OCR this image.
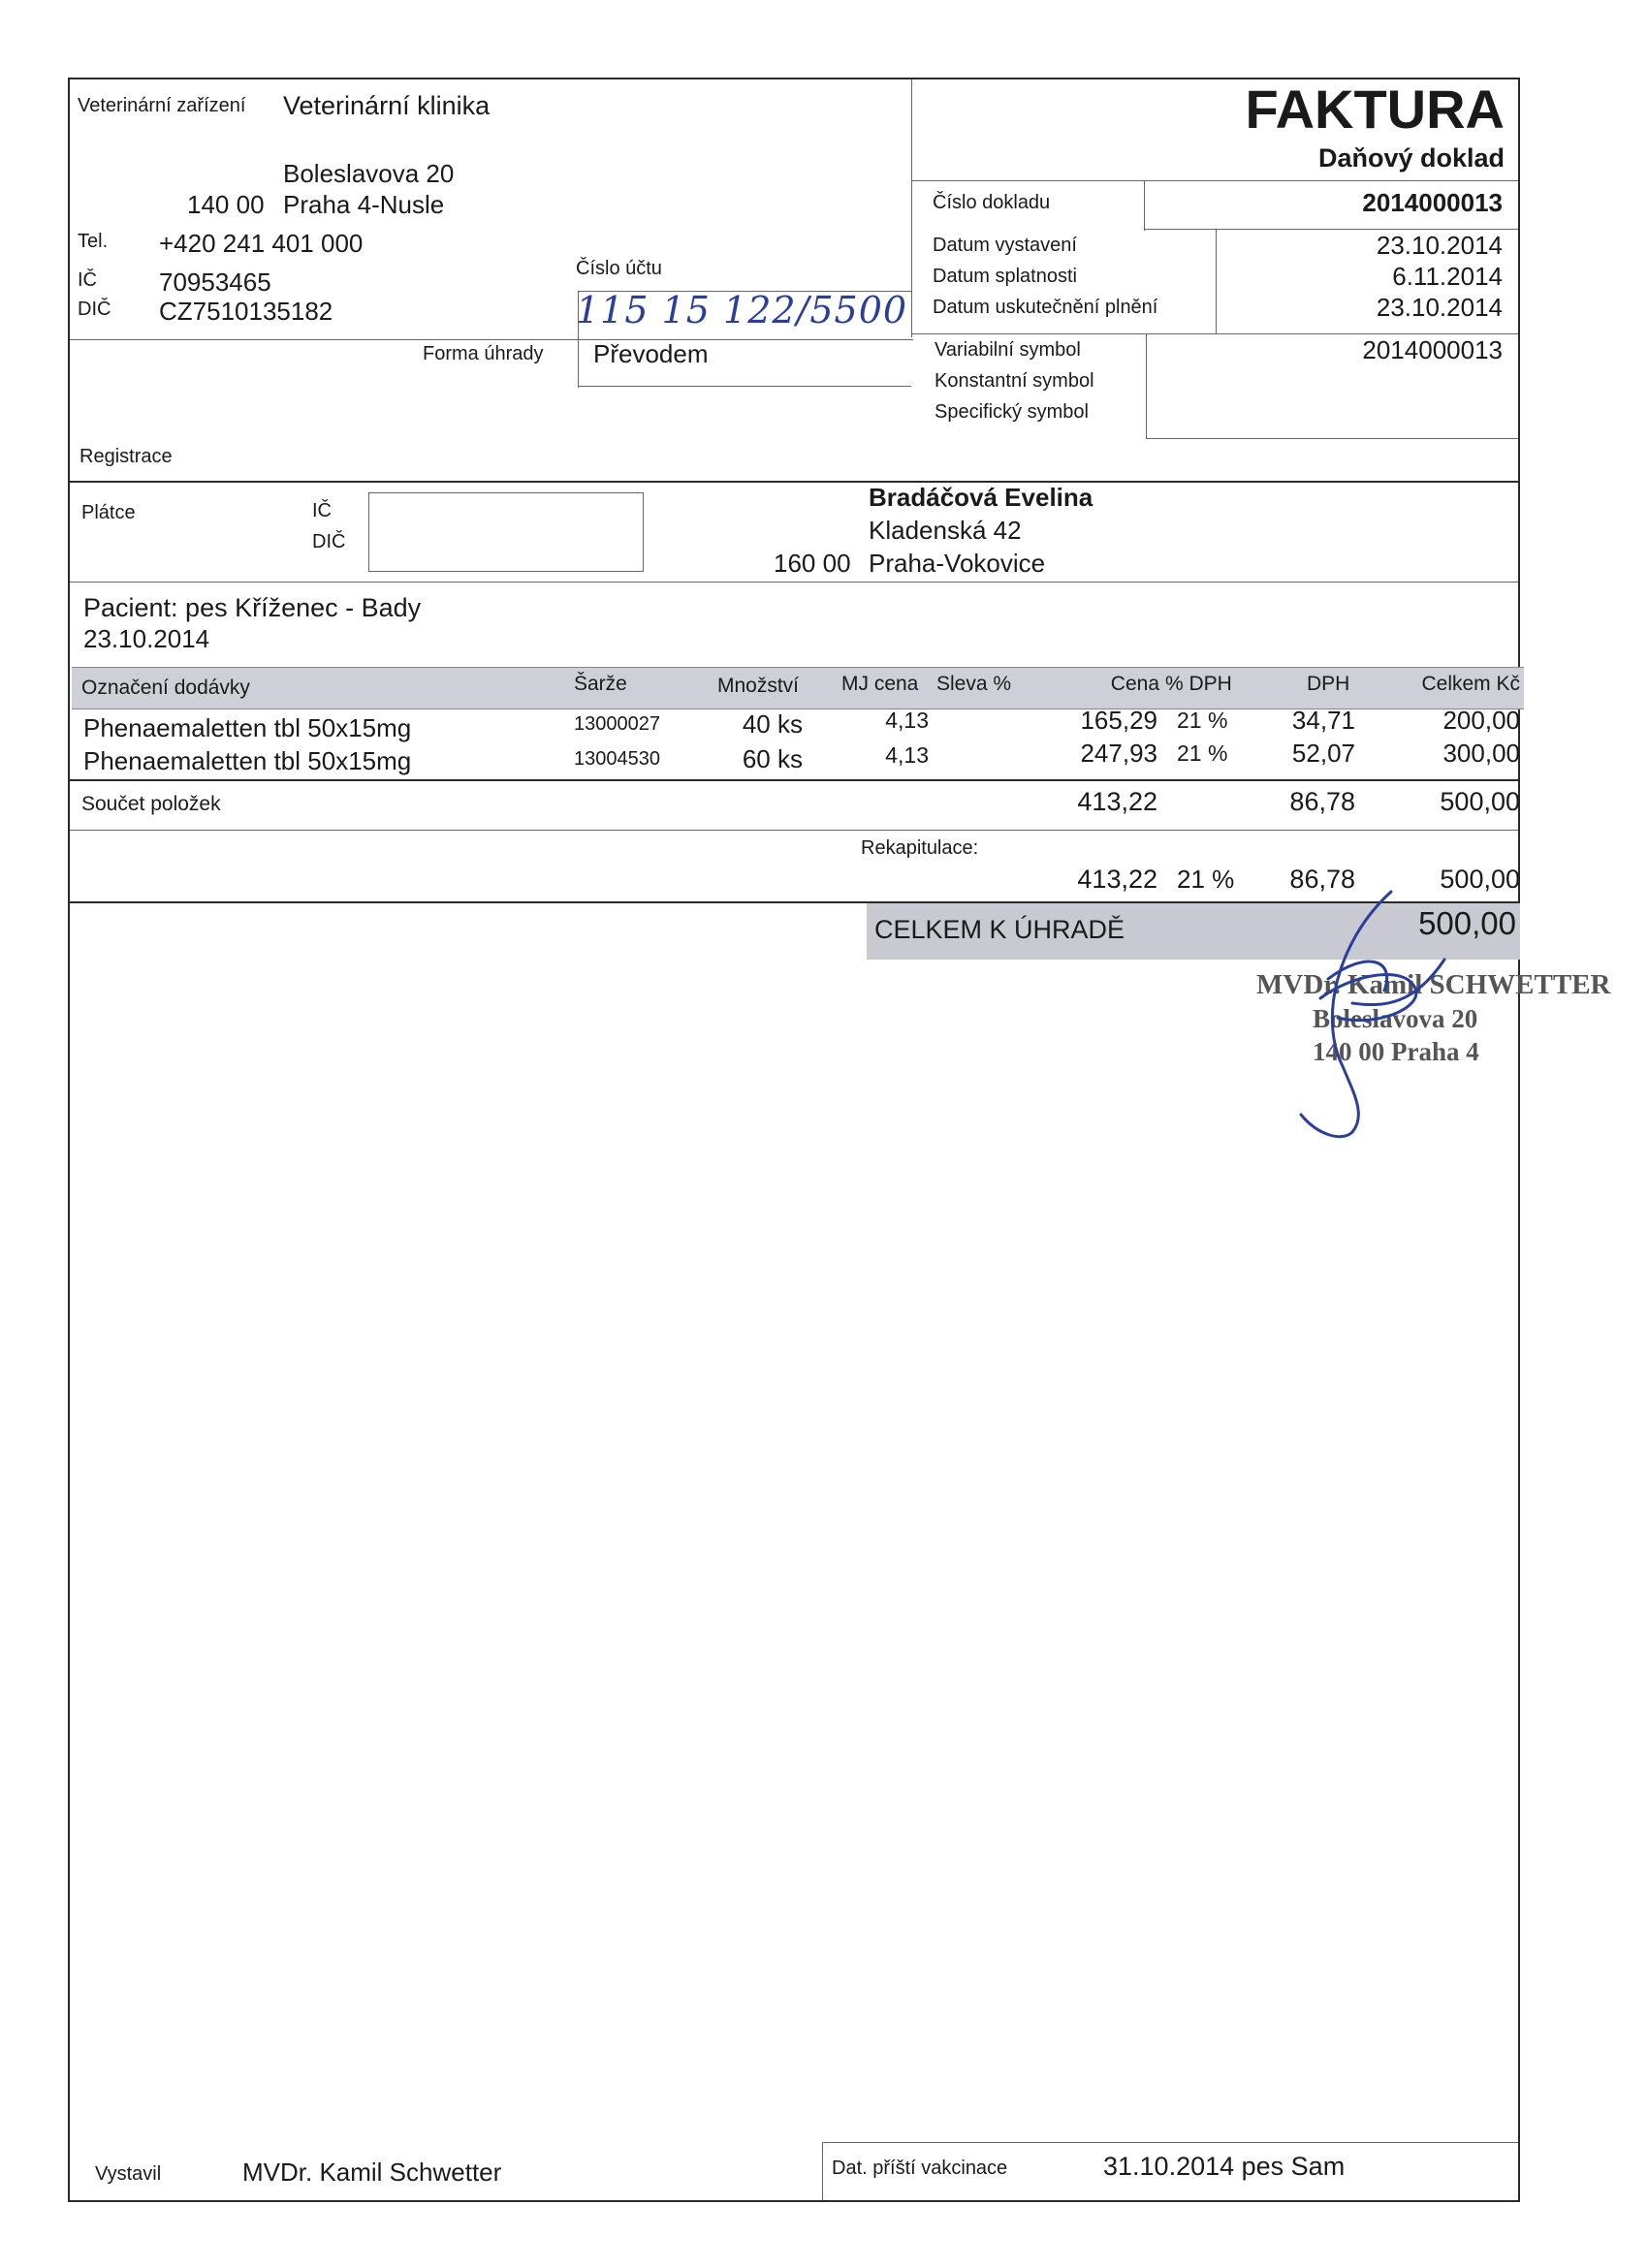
Veterinární zařízení Veterinární klinika
Boleslavova 20
140 00 Praha 4-Nusle
Tel. +420 241 401 000
IČ 70953465
DIČ CZ7510135182
Číslo účtu
115 15 122/5500
Forma úhrady Převodem
Registrace
FAKTURA
Daňový doklad
Číslo dokladu	2014000013
Datum vystavení	23.10.2014
Datum splatnosti	6.11.2014
Datum uskutečnění plnění	23.10.2014
Variabilní symbol	2014000013
Konstantní symbol
Specifický symbol
Plátce	IČ
DIČ
Bradáčová Evelina
Kladenská 42
160 00 Praha-Vokovice
Pacient: pes Kříženec - Bady
23.10.2014
Označení dodávky	Šarže	Množství MJ cena Sleva %	Cena % DPH	DPH	Celkem Kč
Phenaemaletten tbl 50x15mg	13000027	40 ks	4,13	165,29 21 %	34,71	200,00
Phenaemaletten tbl 50x15mg	13004530	60 ks	4,13	247,93 21 %	52,07	300,00
Součet položek	413,22	86,78	500,00
Rekapitulace:
413,22 21 %	86,78	500,00
CELKEM K ÚHRADĚ	500,00
MVDr. Kamil SCHWETTER
Boleslavova 20
140 00 Praha 4
Vystavil	MVDr. Kamil Schwetter	Dat. příští vakcinace	31.10.2014 pes Sam
